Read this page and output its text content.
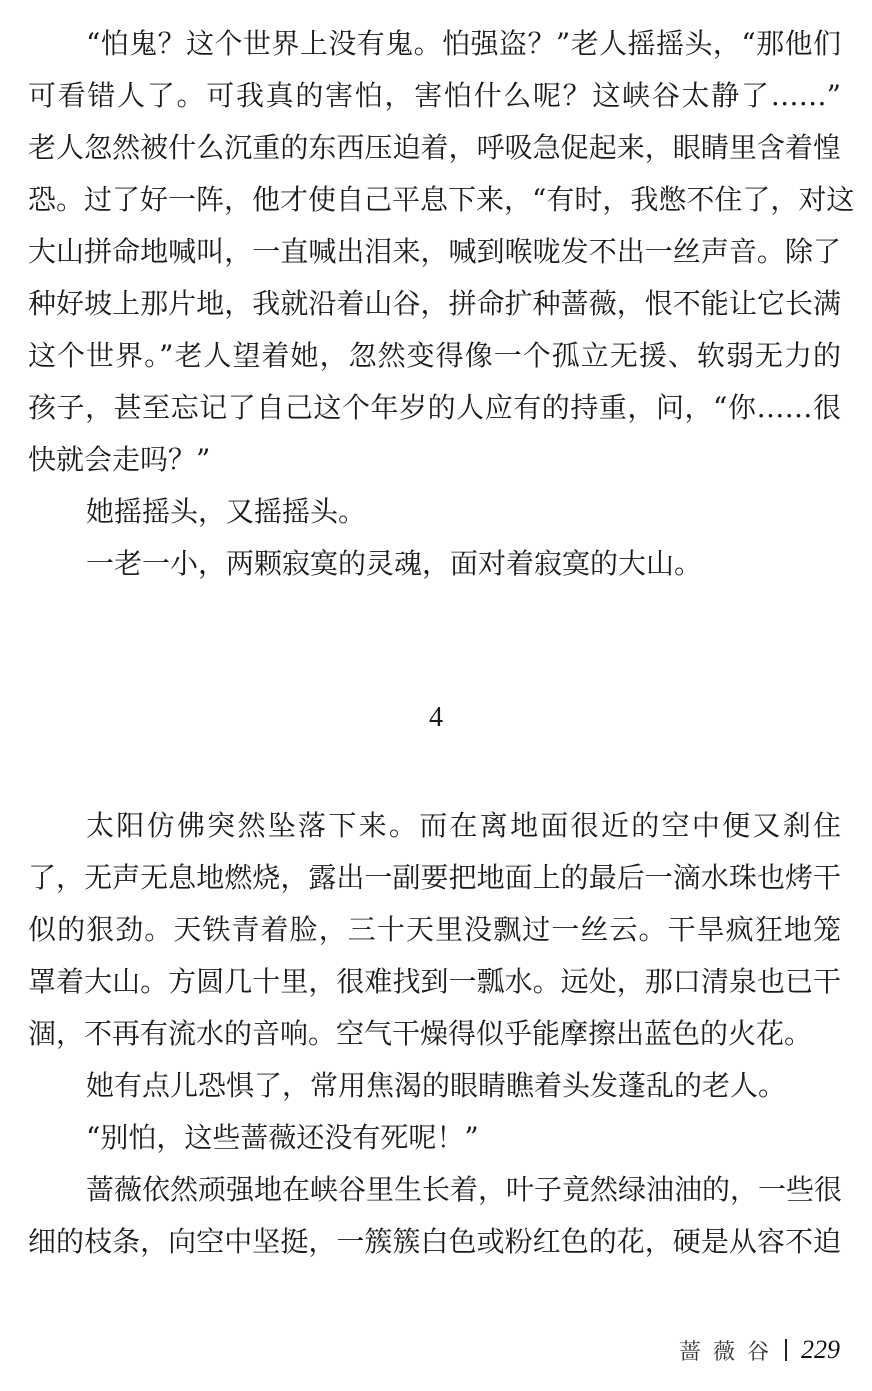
“怕鬼？这个世界上没有鬼。怕强盗？”老人摇摇头，“那他们
可看错人了。可我真的害怕，害怕什么呢？这峡谷太静了……”
老人忽然被什么沉重的东西压迫着，呼吸急促起来，眼睛里含着惶
恐。过了好一阵，他才使自己平息下来，“有时，我憋不住了，对这
大山拼命地喊叫，一直喊出泪来，喊到喉咙发不出一丝声音。除了
种好坡上那片地，我就沿着山谷，拼命扩种蔷薇，恨不能让它长满
这个世界。”老人望着她，忽然变得像一个孤立无援、软弱无力的
孩子，甚至忘记了自己这个年岁的人应有的持重，问，“你……很
快就会走吗？”
她摇摇头，又摇摇头。
一老一小，两颗寂寞的灵魂，面对着寂寞的大山。
4
太阳仿佛突然坠落下来。而在离地面很近的空中便又刹住
了，无声无息地燃烧，露出一副要把地面上的最后一滴水珠也烤干
似的狠劲。天铁青着脸，三十天里没飘过一丝云。干旱疯狂地笼
罩着大山。方圆几十里，很难找到一瓢水。远处，那口清泉也已干
涸，不再有流水的音响。空气干燥得似乎能摩擦出蓝色的火花。
她有点儿恐惧了，常用焦渴的眼睛瞧着头发蓬乱的老人。
“别怕，这些蔷薇还没有死呢！”
蔷薇依然顽强地在峡谷里生长着，叶子竟然绿油油的，一些很
细的枝条，向空中坚挺，一簇簇白色或粉红色的花，硬是从容不迫
蔷薇谷 229
